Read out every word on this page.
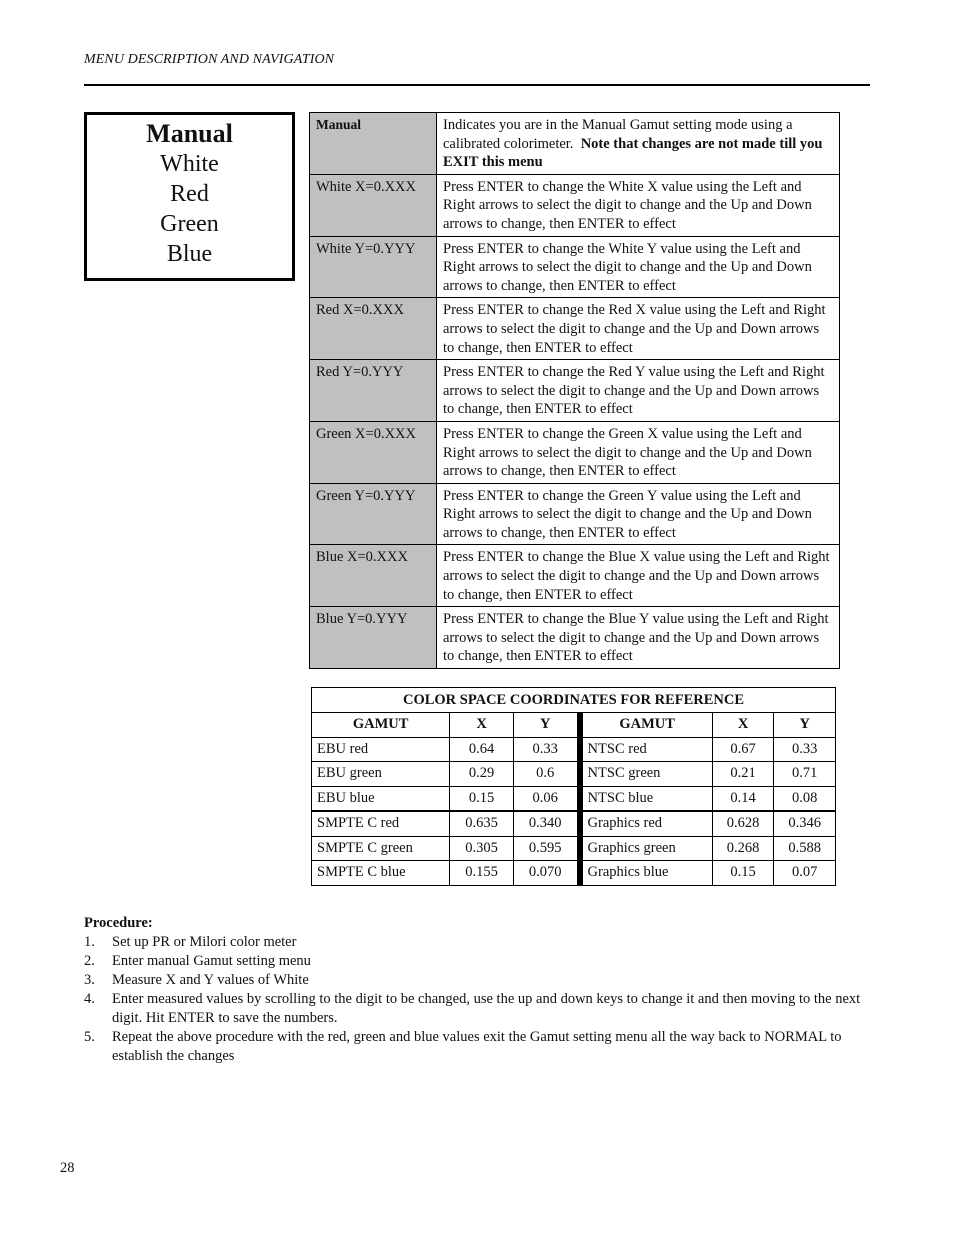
MENU DESCRIPTION AND NAVIGATION
Manual
White
Red
Green
Blue
Manual	Indicates you are in the Manual Gamut setting mode using a calibrated colorimeter. Note that changes are not made till you EXIT this menu
White X=0.XXX	Press ENTER to change the White X value using the Left and Right arrows to select the digit to change and the Up and Down arrows to change, then ENTER to effect
White Y=0.YYY	Press ENTER to change the White Y value using the Left and Right arrows to select the digit to change and the Up and Down arrows to change, then ENTER to effect
Red X=0.XXX	Press ENTER to change the Red X value using the Left and Right arrows to select the digit to change and the Up and Down arrows to change, then ENTER to effect
Red Y=0.YYY	Press ENTER to change the Red Y value using the Left and Right arrows to select the digit to change and the Up and Down arrows to change, then ENTER to effect
Green X=0.XXX	Press ENTER to change the Green X value using the Left and Right arrows to select the digit to change and the Up and Down arrows to change, then ENTER to effect
Green Y=0.YYY	Press ENTER to change the Green Y value using the Left and Right arrows to select the digit to change and the Up and Down arrows to change, then ENTER to effect
Blue X=0.XXX	Press ENTER to change the Blue X value using the Left and Right arrows to select the digit to change and the Up and Down arrows to change, then ENTER to effect
Blue Y=0.YYY	Press ENTER to change the Blue Y value using the Left and Right arrows to select the digit to change and the Up and Down arrows to change, then ENTER to effect
COLOR SPACE COORDINATES FOR REFERENCE						
GAMUT	X	Y		GAMUT	X	Y
EBU red	0.64	0.33		NTSC red	0.67	0.33
EBU green	0.29	0.6		NTSC green	0.21	0.71
EBU blue	0.15	0.06		NTSC blue	0.14	0.08
SMPTE C red	0.635	0.340		Graphics red	0.628	0.346
SMPTE C green	0.305	0.595		Graphics green	0.268	0.588
SMPTE C blue	0.155	0.070		Graphics blue	0.15	0.07
Procedure:
1.	Set up PR or Milori color meter
2.	Enter manual Gamut setting menu
3.	Measure X and Y values of White
4.	Enter measured values by scrolling to the digit to be changed, use the up and down keys to change it and then moving to the next digit. Hit ENTER to save the numbers.
5.	Repeat the above procedure with the red, green and blue values exit the Gamut setting menu all the way back to NORMAL to establish the changes
28
